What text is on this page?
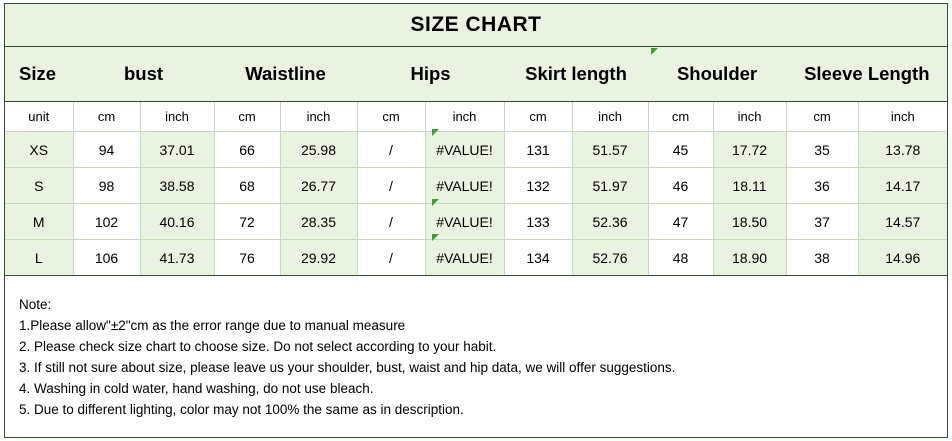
SIZE CHART
Size	bust		Waistline		Hips		Skirt length		Shoulder		Sleeve Length	
unit	cm	inch	cm	inch	cm	inch	cm	inch	cm	inch	cm	inch
XS	94	37.01	66	25.98	/	#VALUE!	131	51.57	45	17.72	35	13.78
S	98	38.58	68	26.77	/	#VALUE!	132	51.97	46	18.11	36	14.17
M	102	40.16	72	28.35	/	#VALUE!	133	52.36	47	18.50	37	14.57
L	106	41.73	76	29.92	/	#VALUE!	134	52.76	48	18.90	38	14.96
Note:
1.Please allow"±2"cm as the error range due to manual measure
2. Please check size chart to choose size. Do not select according to your habit.
3. If still not sure about size, please leave us your shoulder, bust, waist and hip data, we will offer suggestions.
4. Washing in cold water, hand washing, do not use bleach.
5. Due to different lighting, color may not 100% the same as in description.
